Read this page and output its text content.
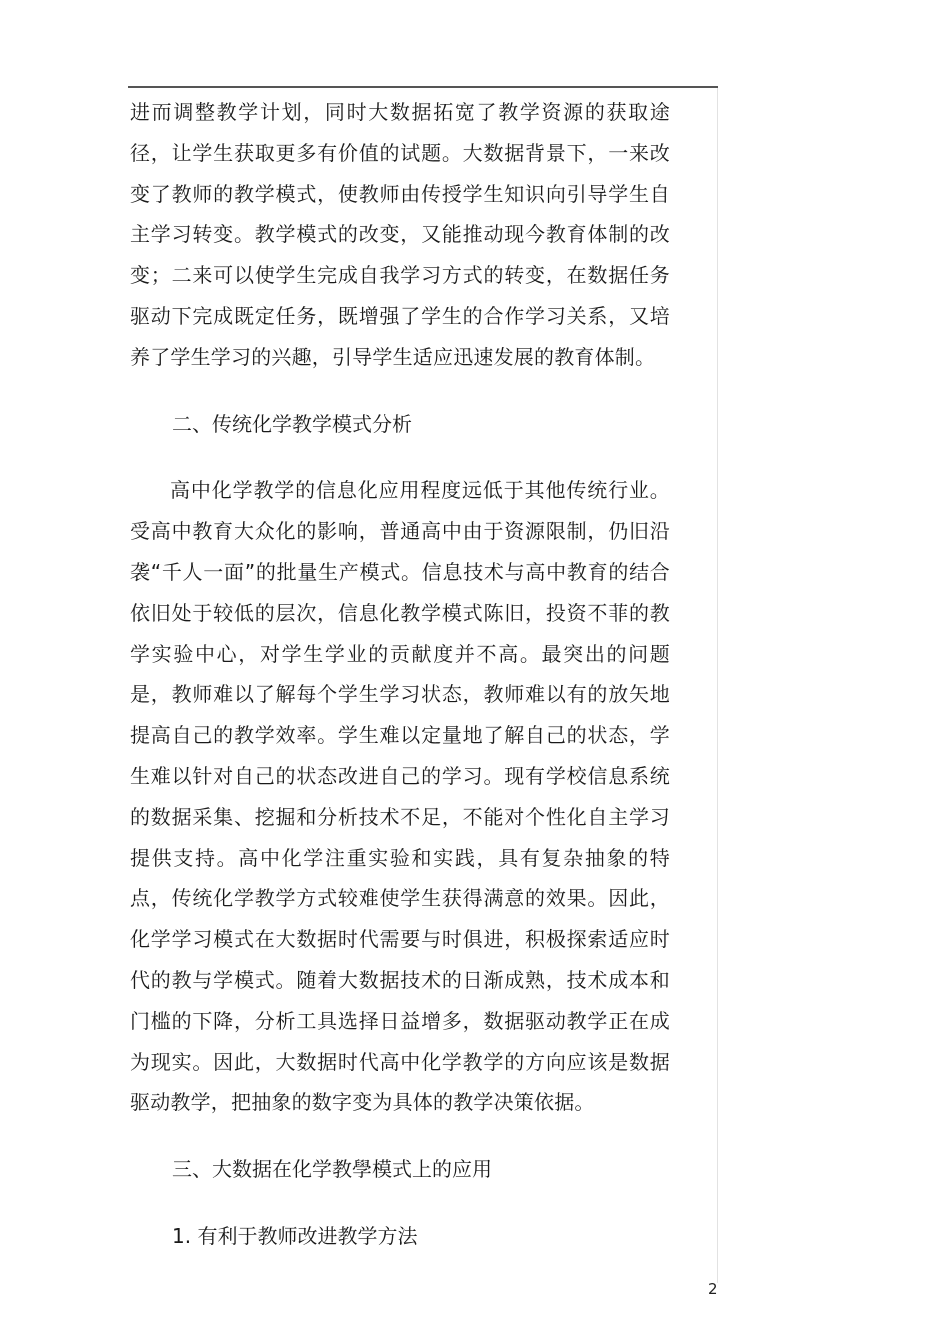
进而调整教学计划，同时大数据拓宽了教学资源的获取途径，让学生获取更多有价值的试题。大数据背景下，一来改变了教师的教学模式，使教师由传授学生知识向引导学生自主学习转变。教学模式的改变，又能推动现今教育体制的改变；二来可以使学生完成自我学习方式的转变，在数据任务驱动下完成既定任务，既增强了学生的合作学习关系，又培养了学生学习的兴趣，引导学生适应迅速发展的教育体制。

二、传统化学教学模式分析

高中化学教学的信息化应用程度远低于其他传统行业。受高中教育大众化的影响，普通高中由于资源限制，仍旧沿袭“千人一面”的批量生产模式。信息技术与高中教育的结合依旧处于较低的层次，信息化教学模式陈旧，投资不菲的教学实验中心，对学生学业的贡献度并不高。最突出的问题是，教师难以了解每个学生学习状态，教师难以有的放矢地提高自己的教学效率。学生难以定量地了解自己的状态，学生难以针对自己的状态改进自己的学习。现有学校信息系统的数据采集、挖掘和分析技术不足，不能对个性化自主学习提供支持。高中化学注重实验和实践，具有复杂抽象的特点，传统化学教学方式较难使学生获得满意的效果。因此，化学学习模式在大数据时代需要与时俱进，积极探索适应时代的教与学模式。随着大数据技术的日渐成熟，技术成本和门槛的下降，分析工具选择日益增多，数据驱动教学正在成为现实。因此，大数据时代高中化学教学的方向应该是数据驱动教学，把抽象的数字变为具体的教学决策依据。

三、大数据在化学教學模式上的应用

1. 有利于教师改进教学方法

2
